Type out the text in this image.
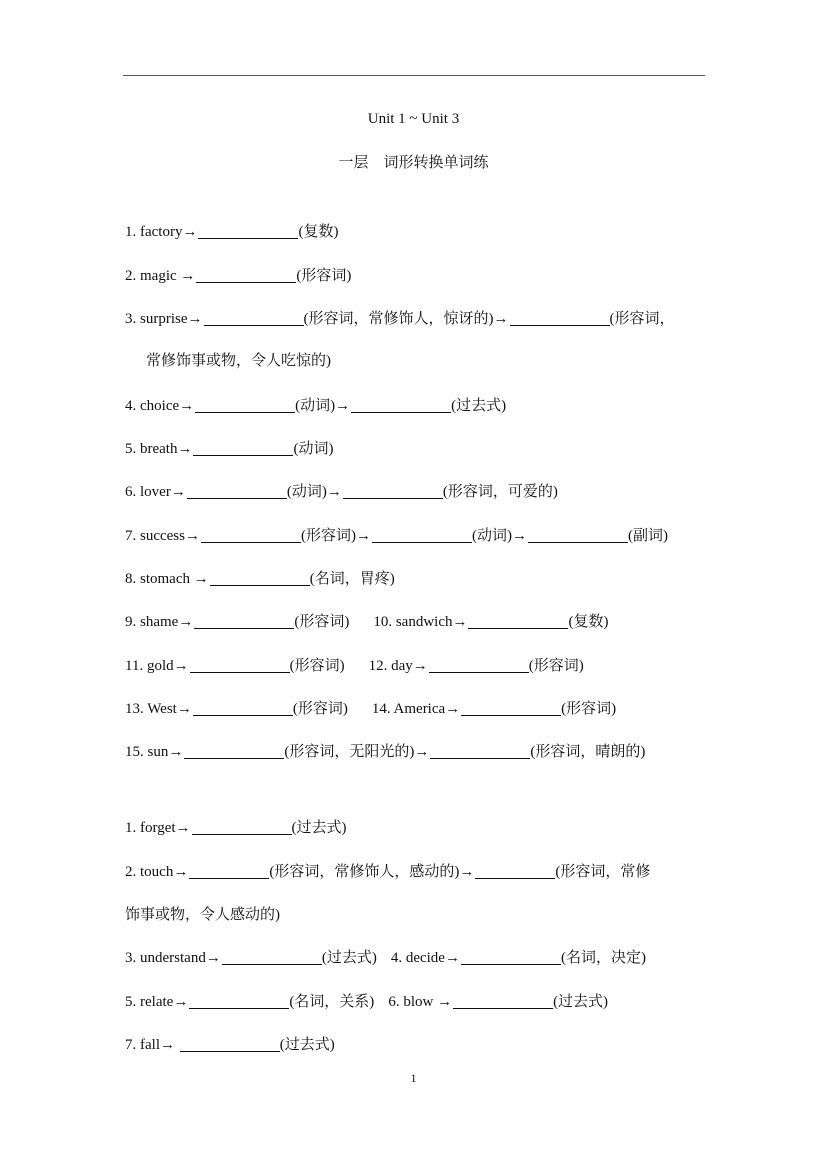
Unit 1 ~ Unit 3
一层　词形转换单词练
1. factory→	(复数)
2. magic →	(形容词)
3. surprise→	(形容词，常修饰人，惊讶的)→	(形容词，
常修饰事或物，令人吃惊的)
4. choice→	(动词)→	(过去式)
5. breath→	(动词)
6. lover→	(动词)→	(形容词，可爱的)
7. success→	(形容词)→	(动词)→	(副词)
8. stomach →	(名词，胃疼)
9. shame→	(形容词) 10. sandwich→	(复数)
11. gold→	(形容词) 12. day→	(形容词)
13. West→	(形容词) 14. America→	(形容词)
15. sun→	(形容词，无阳光的)→	(形容词，晴朗的)
1. forget→	(过去式)
2. touch→	(形容词，常修饰人，感动的)→	(形容词，常修
饰事或物，令人感动的)
3. understand→	(过去式) 4. decide→	(名词，决定)
5. relate→	(名词，关系) 6. blow →	(过去式)
7. fall→	(过去式)
1
